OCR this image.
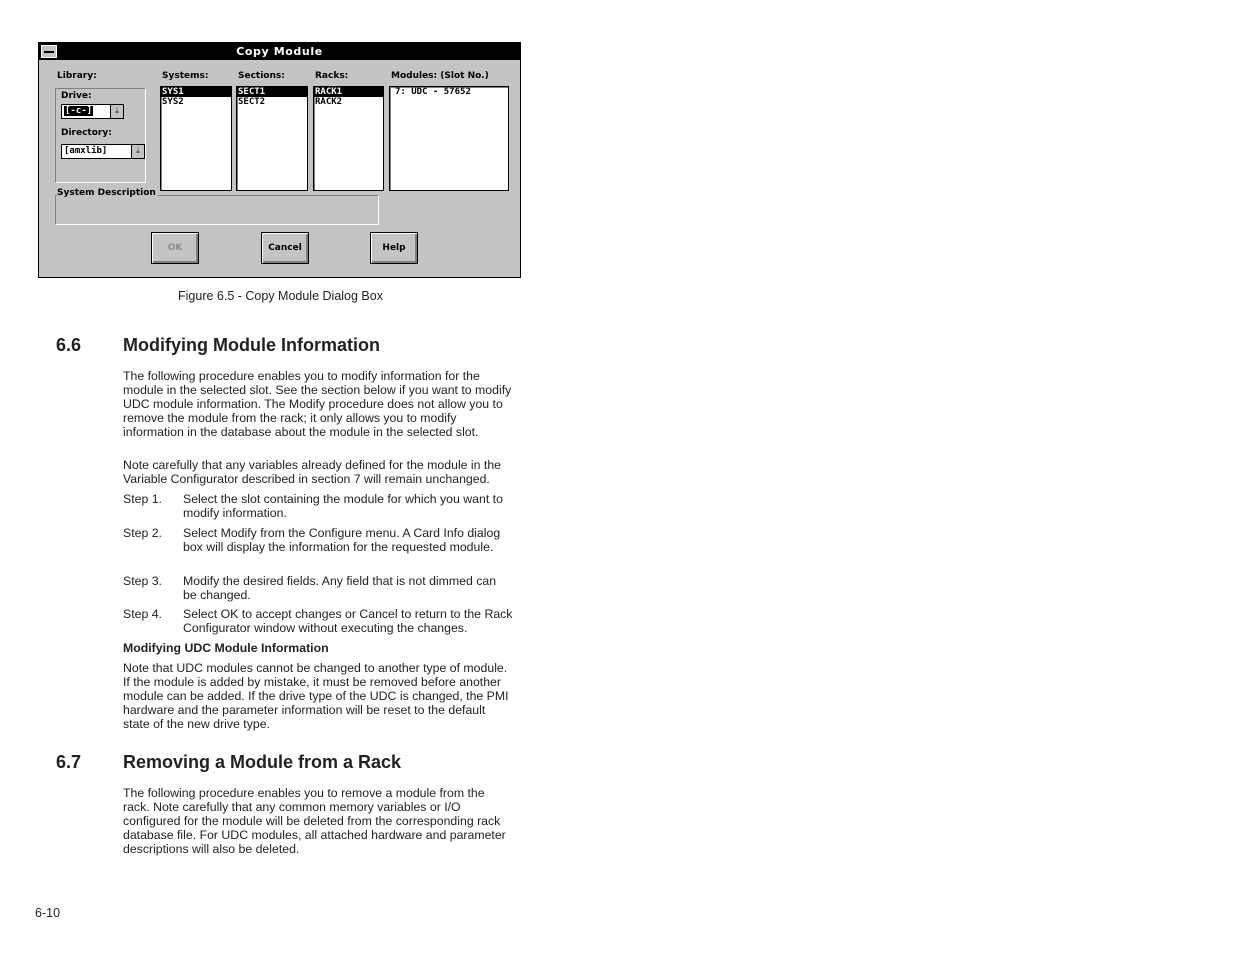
Copy Module
Library:
Drive:
[-c-]	⤓
Directory:
[amxlib]	⤓
Systems:
SYS1
SYS2
Sections:
SECT1
SECT2
Racks:
RACK1
RACK2
Modules: (Slot No.)
7: UDC - 57652
System Description
OK	Cancel	Help
Figure 6.5 - Copy Module Dialog Box
6.6 Modifying Module Information
The following procedure enables you to modify information for the module in the selected slot. See the section below if you want to modify UDC module information. The Modify procedure does not allow you to remove the module from the rack; it only allows you to modify information in the database about the module in the selected slot.
Note carefully that any variables already defined for the module in the Variable Configurator described in section 7 will remain unchanged.
Step 1. Select the slot containing the module for which you want to modify information.
Step 2. Select Modify from the Configure menu. A Card Info dialog box will display the information for the requested module.
Step 3. Modify the desired fields. Any field that is not dimmed can be changed.
Step 4. Select OK to accept changes or Cancel to return to the Rack Configurator window without executing the changes.
Modifying UDC Module Information
Note that UDC modules cannot be changed to another type of module. If the module is added by mistake, it must be removed before another module can be added. If the drive type of the UDC is changed, the PMI hardware and the parameter information will be reset to the default state of the new drive type.
6.7 Removing a Module from a Rack
The following procedure enables you to remove a module from the rack. Note carefully that any common memory variables or I/O configured for the module will be deleted from the corresponding rack database file. For UDC modules, all attached hardware and parameter descriptions will also be deleted.
6-10
